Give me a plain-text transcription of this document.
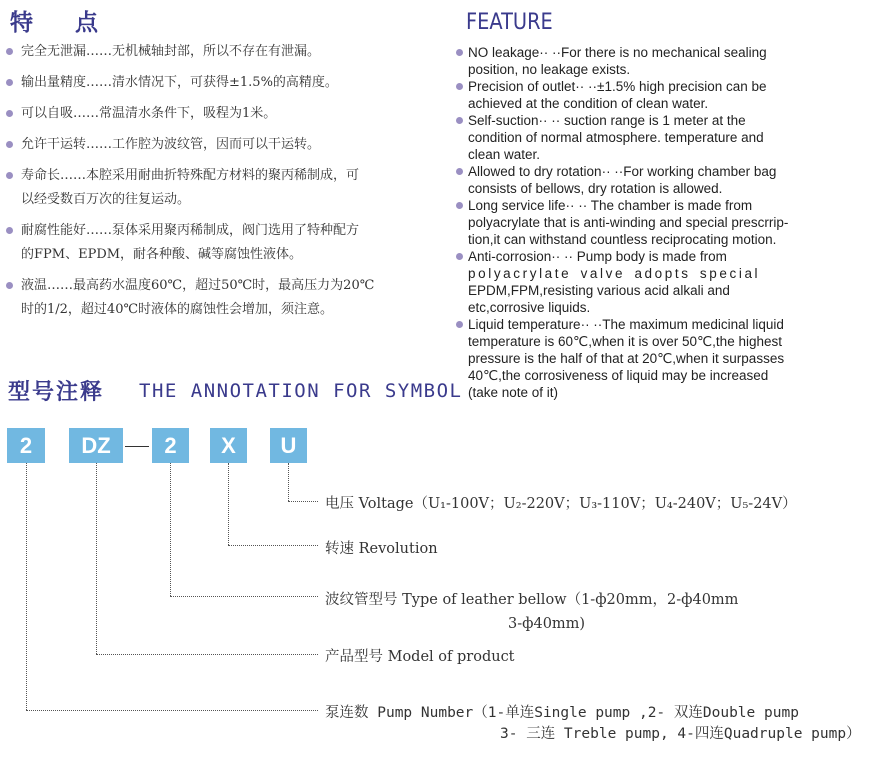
特    点
完全无泄漏……无机械轴封部，所以不存在有泄漏。
输出量精度……清水情况下，可获得±1.5%的高精度。
可以自吸……常温清水条件下，吸程为1米。
允许干运转……工作腔为波纹管，因而可以干运转。
寿命长……本腔采用耐曲折特殊配方材料的聚丙稀制成，可
以经受数百万次的往复运动。
耐腐性能好……泵体采用聚丙稀制成，阀门选用了特种配方
的FPM、EPDM，耐各种酸、碱等腐蚀性液体。
液温……最高药水温度60℃，超过50℃时，最高压力为20℃
时的1/2，超过40℃时液体的腐蚀性会增加，须注意。
FEATURE
NO leakage·· ··For there is no mechanical sealing
position, no leakage exists.
Precision of outlet·· ··±1.5% high precision can be
achieved at the condition of clean water.
Self-suction·· ·· suction range is 1 meter at the
condition of normal atmosphere. temperature and
clean water.
Allowed to dry rotation·· ··For working chamber bag
consists of bellows, dry rotation is allowed.
Long service life·· ·· The chamber is made from
polyacrylate that is anti-winding and special prescrrip-
tion,it can withstand countless reciprocating motion.
Anti-corrosion·· ·· Pump body is made from
polyacrylate valve adopts special
EPDM,FPM,resisting various acid alkali and
etc,corrosive liquids.
Liquid temperature·· ··The maximum medicinal liquid
temperature is 60℃,when it is over 50℃,the highest
pressure is the half of that at 20℃,when it surpasses
40℃,the corrosiveness of liquid may be increased
(take note of it)
型号注释 THE ANNOTATION FOR SYMBOL
2	DZ	2	X	U
电压 Voltage（U₁-100V；U₂-220V；U₃-110V；U₄-240V；U₅-24V）
转速 Revolution
波纹管型号 Type of leather bellow（1-ф20mm，2-ф40mm
3-ф40mm)
产品型号 Model of product
泵连数 Pump Number（1-单连Single pump ,2- 双连Double pump
3- 三连 Treble pump, 4-四连Quadruple pump）
